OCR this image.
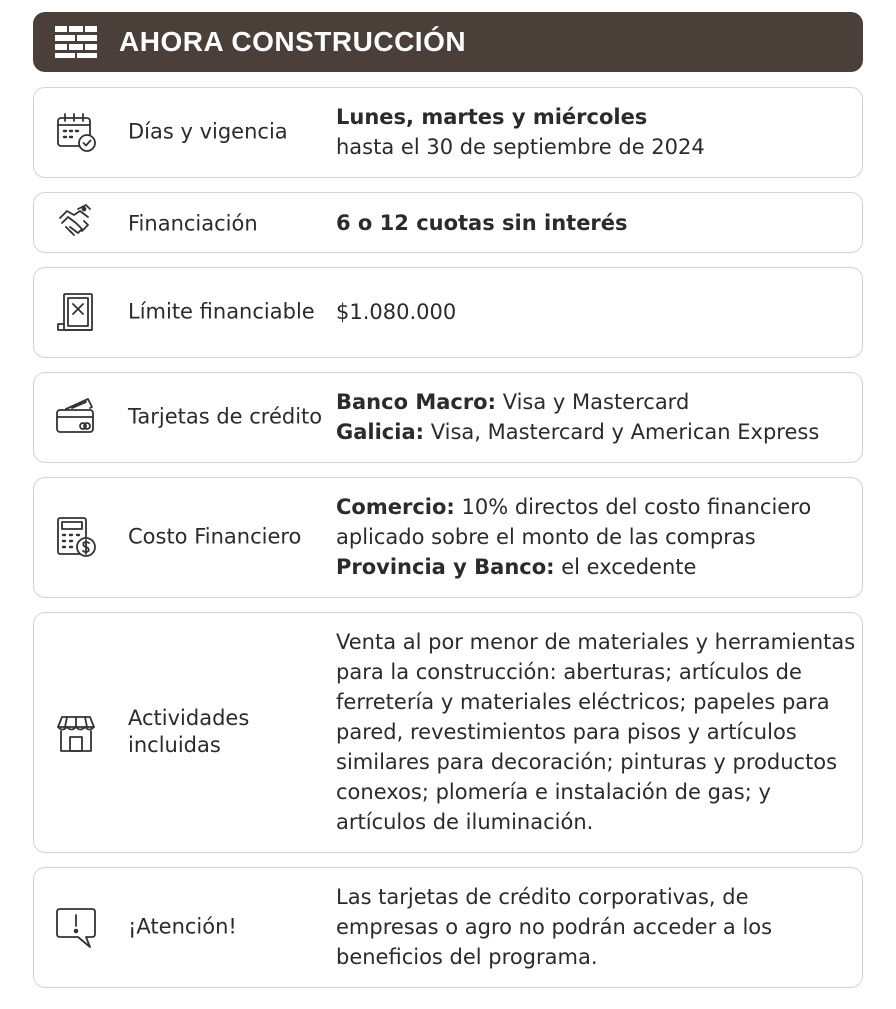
AHORA CONSTRUCCIÓN
Días y vigencia
Lunes, martes y miércoles
hasta el 30 de septiembre de 2024
Financiación	6 o 12 cuotas sin interés
Límite financiable	$1.080.000
Tarjetas de crédito
Banco Macro: Visa y Mastercard
Galicia: Visa, Mastercard y American Express
Costo Financiero
Comercio: 10% directos del costo financiero
aplicado sobre el monto de las compras
Provincia y Banco: el excedente
Actividades incluidas
Venta al por menor de materiales y herramientas para la construcción: aberturas; artículos de ferretería y materiales eléctricos; papeles para pared, revestimientos para pisos y artículos similares para decoración; pinturas y productos conexos; plomería e instalación de gas; y artículos de iluminación.
¡Atención!
Las tarjetas de crédito corporativas, de empresas o agro no podrán acceder a los beneficios del programa.
